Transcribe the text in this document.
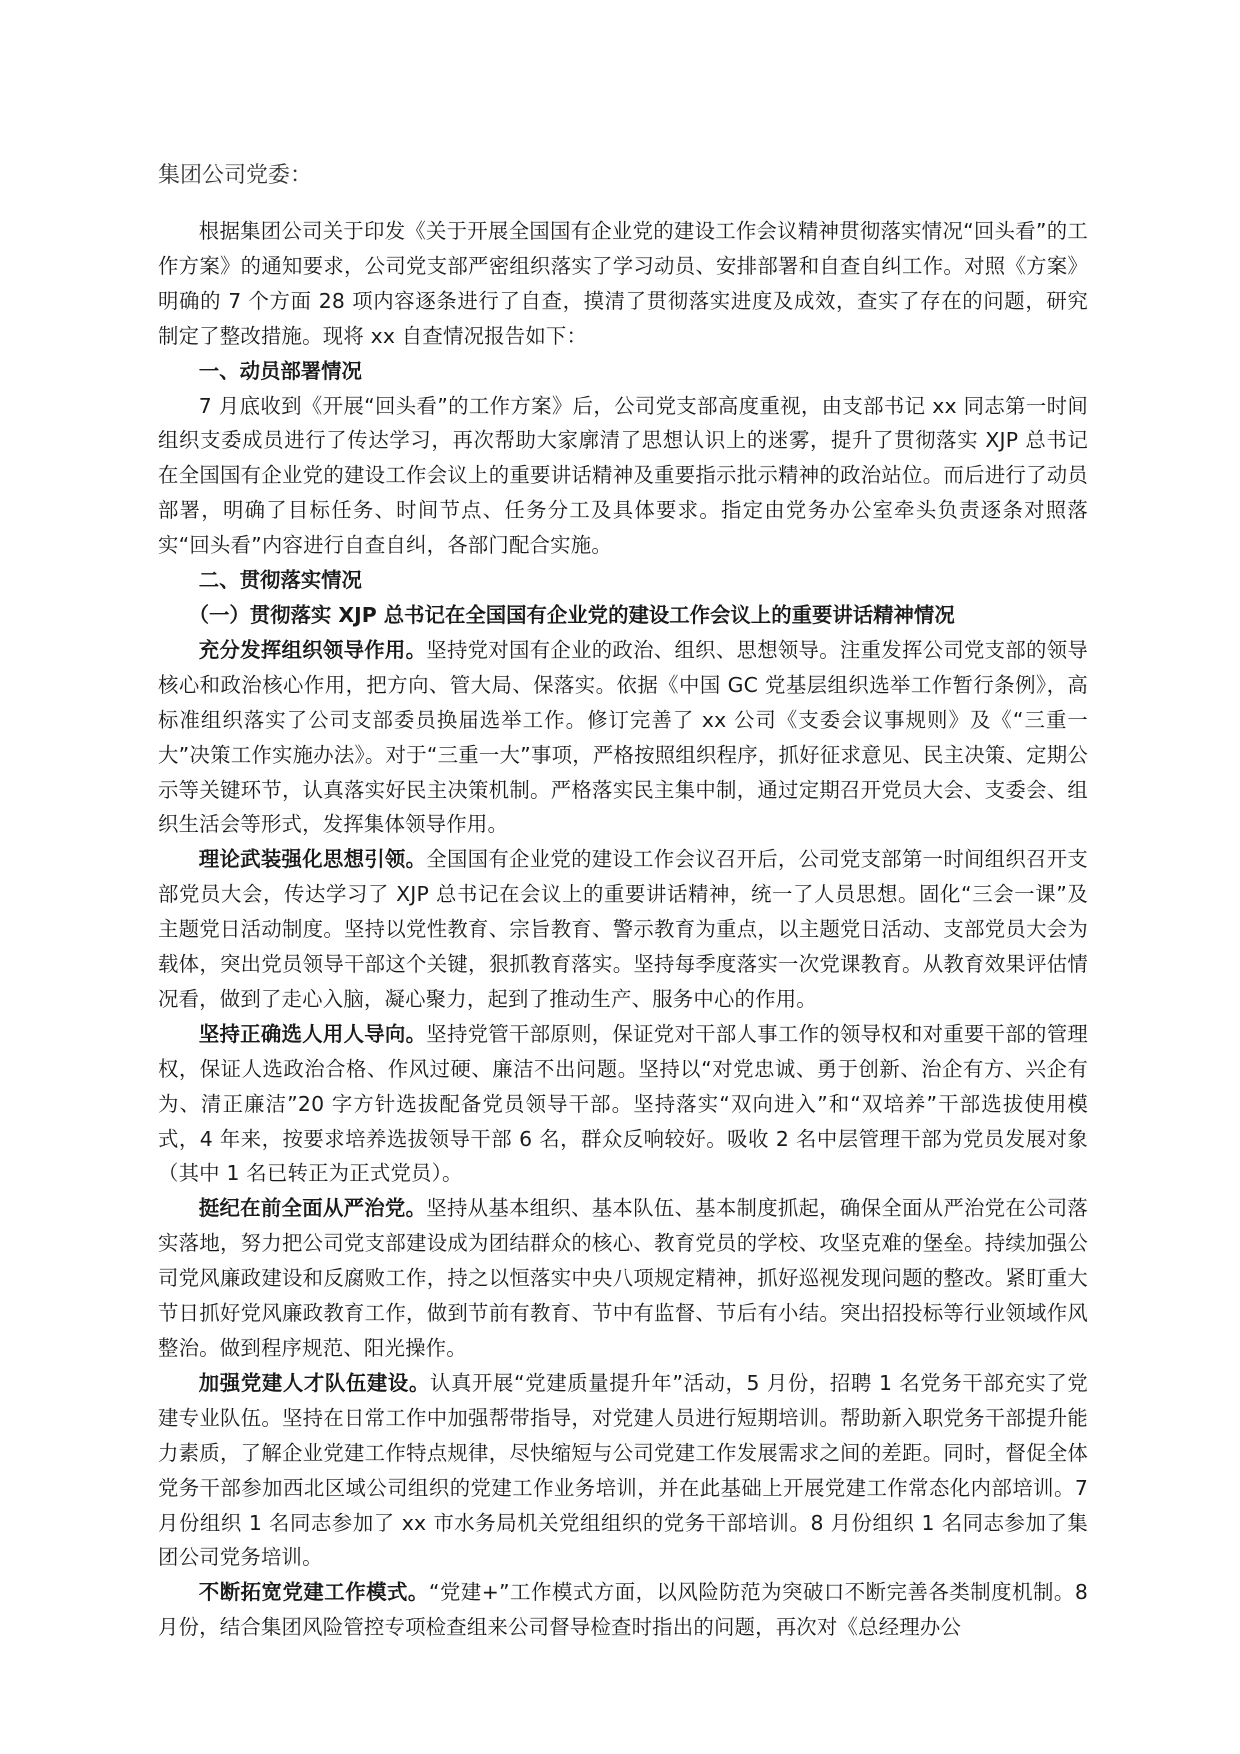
集团公司党委：

根据集团公司关于印发《关于开展全国国有企业党的建设工作会议精神贯彻落实情况“回头看”的工作方案》的通知要求，公司党支部严密组织落实了学习动员、安排部署和自查自纠工作。对照《方案》明确的 7 个方面 28 项内容逐条进行了自查，摸清了贯彻落实进度及成效，查实了存在的问题，研究制定了整改措施。现将 xx 自查情况报告如下：

一、动员部署情况

7 月底收到《开展“回头看”的工作方案》后，公司党支部高度重视，由支部书记 xx 同志第一时间组织支委成员进行了传达学习，再次帮助大家廓清了思想认识上的迷雾，提升了贯彻落实 XJP 总书记在全国国有企业党的建设工作会议上的重要讲话精神及重要指示批示精神的政治站位。而后进行了动员部署，明确了目标任务、时间节点、任务分工及具体要求。指定由党务办公室牵头负责逐条对照落实“回头看”内容进行自查自纠，各部门配合实施。

二、贯彻落实情况

（一）贯彻落实 XJP 总书记在全国国有企业党的建设工作会议上的重要讲话精神情况

充分发挥组织领导作用。坚持党对国有企业的政治、组织、思想领导。注重发挥公司党支部的领导核心和政治核心作用，把方向、管大局、保落实。依据《中国 GC 党基层组织选举工作暂行条例》，高标准组织落实了公司支部委员换届选举工作。修订完善了 xx 公司《支委会议事规则》及《“三重一大”决策工作实施办法》。对于“三重一大”事项，严格按照组织程序，抓好征求意见、民主决策、定期公示等关键环节，认真落实好民主决策机制。严格落实民主集中制，通过定期召开党员大会、支委会、组织生活会等形式，发挥集体领导作用。

理论武装强化思想引领。全国国有企业党的建设工作会议召开后，公司党支部第一时间组织召开支部党员大会，传达学习了 XJP 总书记在会议上的重要讲话精神，统一了人员思想。固化“三会一课”及主题党日活动制度。坚持以党性教育、宗旨教育、警示教育为重点，以主题党日活动、支部党员大会为载体，突出党员领导干部这个关键，狠抓教育落实。坚持每季度落实一次党课教育。从教育效果评估情况看，做到了走心入脑，凝心聚力，起到了推动生产、服务中心的作用。

坚持正确选人用人导向。坚持党管干部原则，保证党对干部人事工作的领导权和对重要干部的管理权，保证人选政治合格、作风过硬、廉洁不出问题。坚持以“对党忠诚、勇于创新、治企有方、兴企有为、清正廉洁”20 字方针选拔配备党员领导干部。坚持落实“双向进入”和“双培养”干部选拔使用模式，4 年来，按要求培养选拔领导干部 6 名，群众反响较好。吸收 2 名中层管理干部为党员发展对象（其中 1 名已转正为正式党员）。

挺纪在前全面从严治党。坚持从基本组织、基本队伍、基本制度抓起，确保全面从严治党在公司落实落地，努力把公司党支部建设成为团结群众的核心、教育党员的学校、攻坚克难的堡垒。持续加强公司党风廉政建设和反腐败工作，持之以恒落实中央八项规定精神，抓好巡视发现问题的整改。紧盯重大节日抓好党风廉政教育工作，做到节前有教育、节中有监督、节后有小结。突出招投标等行业领域作风整治。做到程序规范、阳光操作。

加强党建人才队伍建设。认真开展“党建质量提升年”活动，5 月份，招聘 1 名党务干部充实了党建专业队伍。坚持在日常工作中加强帮带指导，对党建人员进行短期培训。帮助新入职党务干部提升能力素质，了解企业党建工作特点规律，尽快缩短与公司党建工作发展需求之间的差距。同时，督促全体党务干部参加西北区域公司组织的党建工作业务培训，并在此基础上开展党建工作常态化内部培训。7 月份组织 1 名同志参加了 xx 市水务局机关党组组织的党务干部培训。8 月份组织 1 名同志参加了集团公司党务培训。

不断拓宽党建工作模式。“党建+”工作模式方面，以风险防范为突破口不断完善各类制度机制。8 月份，结合集团风险管控专项检查组来公司督导检查时指出的问题，再次对《总经理办公
